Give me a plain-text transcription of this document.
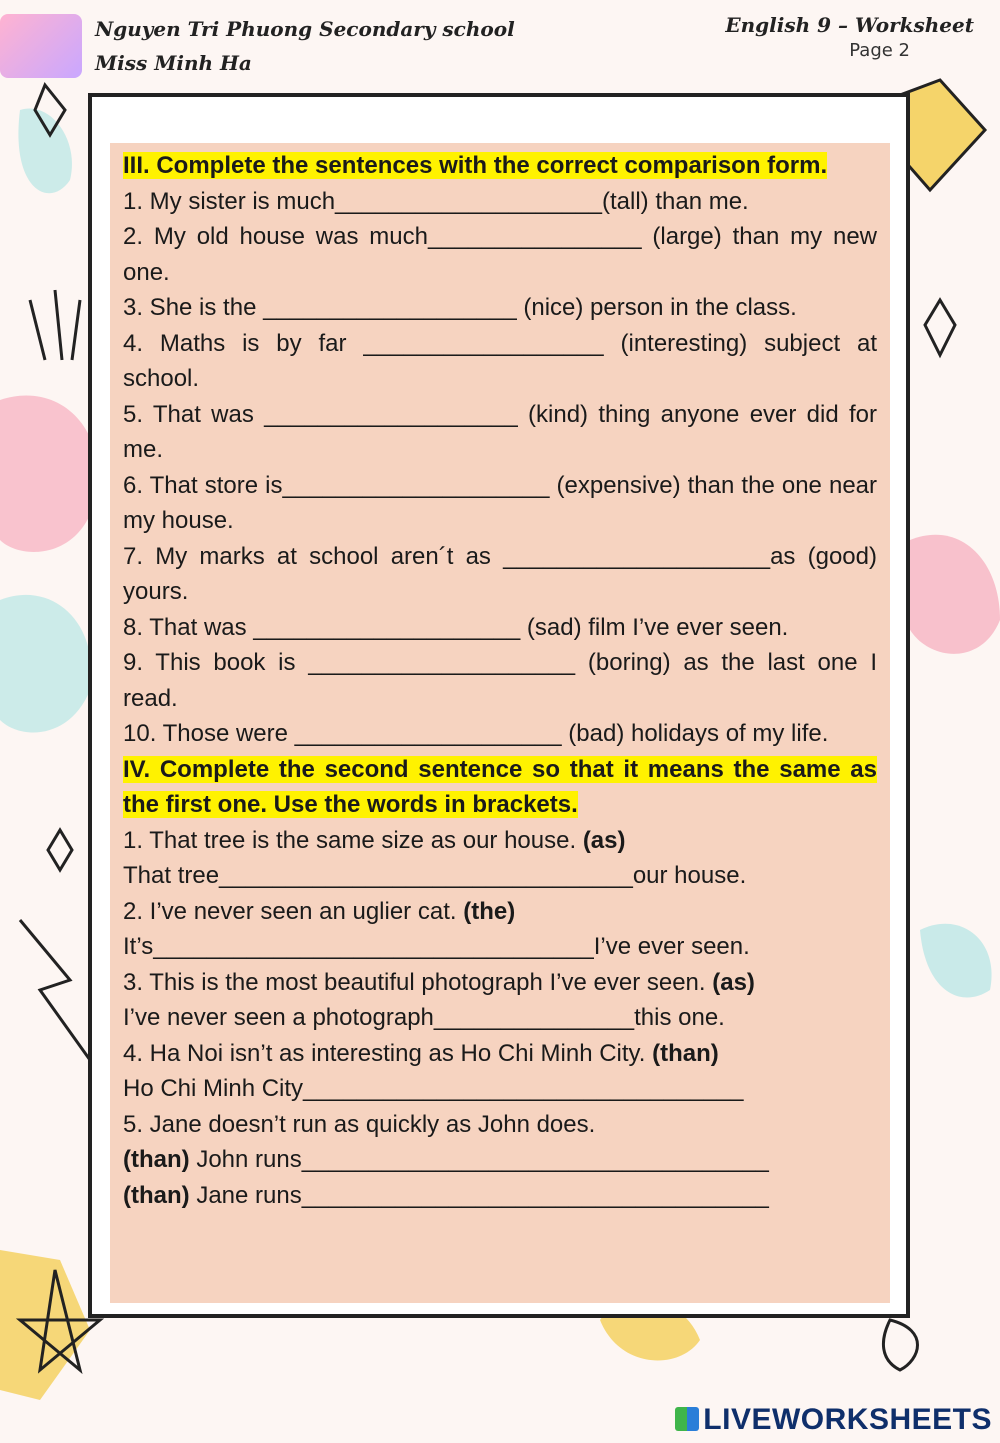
Nguyen Tri Phuong Secondary school
Miss Minh Ha
English 9 – Worksheet
Page 2
III. Complete the sentences with the correct comparison form.
1. My sister is much____________________(tall) than me.
2. My old house was much________________ (large) than my new one.
3. She is the ___________________ (nice) person in the class.
4. Maths is by far __________________ (interesting) subject at school.
5. That was ___________________ (kind) thing anyone ever did for me.
6. That store is____________________ (expensive) than the one near my house.
7. My marks at school aren´t as ____________________as (good) yours.
8. That was ____________________ (sad) film I’ve ever seen.
9. This book is ____________________ (boring) as the last one I read.
10. Those were ____________________ (bad) holidays of my life.
IV. Complete the second sentence so that it means the same as the first one. Use the words in brackets.
1. That tree is the same size as our house. (as)
That tree_______________________________our house.
2. I’ve never seen an uglier cat. (the)
It’s_________________________________I’ve ever seen.
3. This is the most beautiful photograph I’ve ever seen. (as)
I’ve never seen a photograph_______________this one.
4. Ha Noi isn’t as interesting as Ho Chi Minh City. (than)
Ho Chi Minh City_________________________________
5. Jane doesn’t run as quickly as John does.
(than) John runs___________________________________
(than) Jane runs___________________________________
LIVEWORKSHEETS
